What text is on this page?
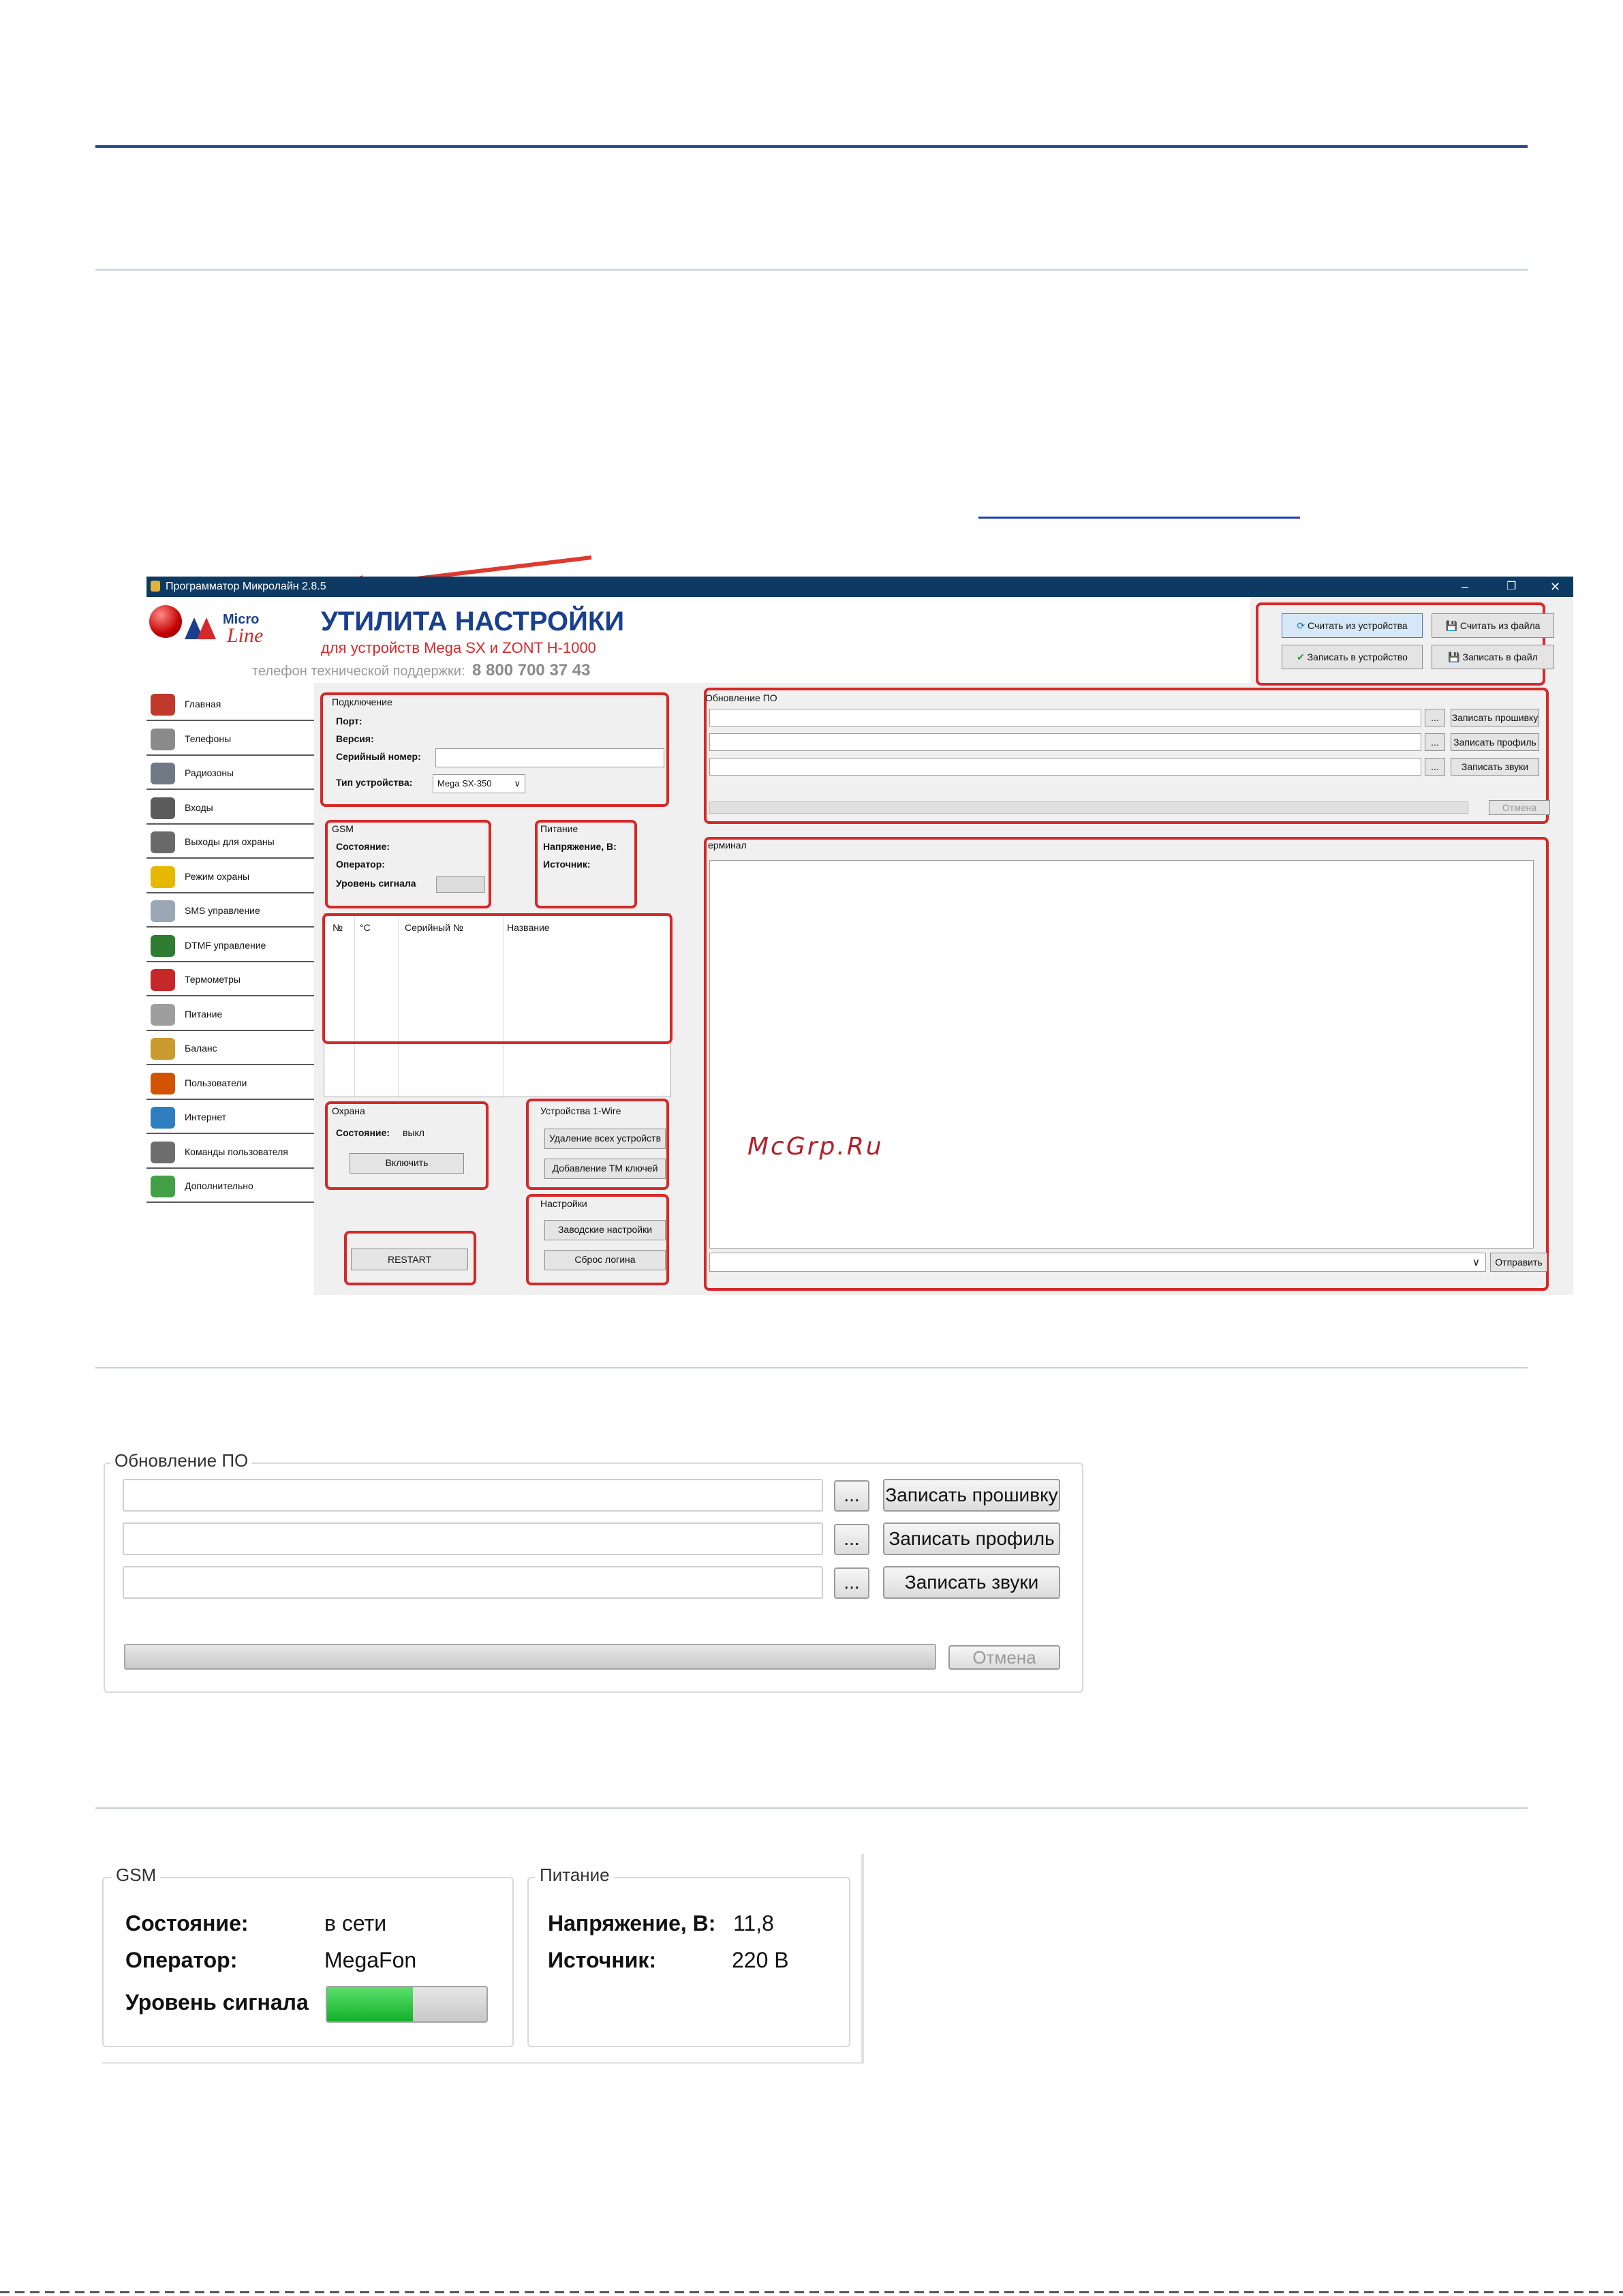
Программатор Микролайн 2.8.5	–	❐	✕
Micro
Line УТИЛИТА НАСТРОЙКИ
для устройств Mega SX и ZONT H-1000
телефон технической поддержки: 8 800 700 37 43
⟳ Считать из устройства	💾 Считать из файла
✔ Записать в устройство	💾 Записать в файл
Главная
Телефоны
Радиозоны
Входы
Выходы для охраны
Режим охраны
SMS управление
DTMF управление
Термометры
Питание
Баланс
Пользователи
Интернет
Команды пользователя
Дополнительно
Подключение
Порт:
Версия:
Серийный номер:
Тип устройства:	Mega SX-350	∨
GSM
Состояние:
Оператор:
Уровень сигнала
Питание
Напряжение, В:
Источник:
№ °C	Серийный №	Название
Охрана
Состояние: выкл
Включить
Устройства 1-Wire
Удаление всех устройств
Добавление ТМ ключей
Настройки
Заводские настройки
Сброс логина
RESTART
Обновление ПО
...	Записать прошивку
...	Записать профиль
...	Записать звуки
Отмена
ерминал
∨	Отправить
McGrp.Ru
Обновление ПО
...	Записать прошивку
...	Записать профиль
...	Записать звуки
Отмена
GSM
Состояние:	в сети
Оператор:	MegaFon
Уровень сигнала
Питание
Напряжение, В: 11,8
Источник:	220 В
